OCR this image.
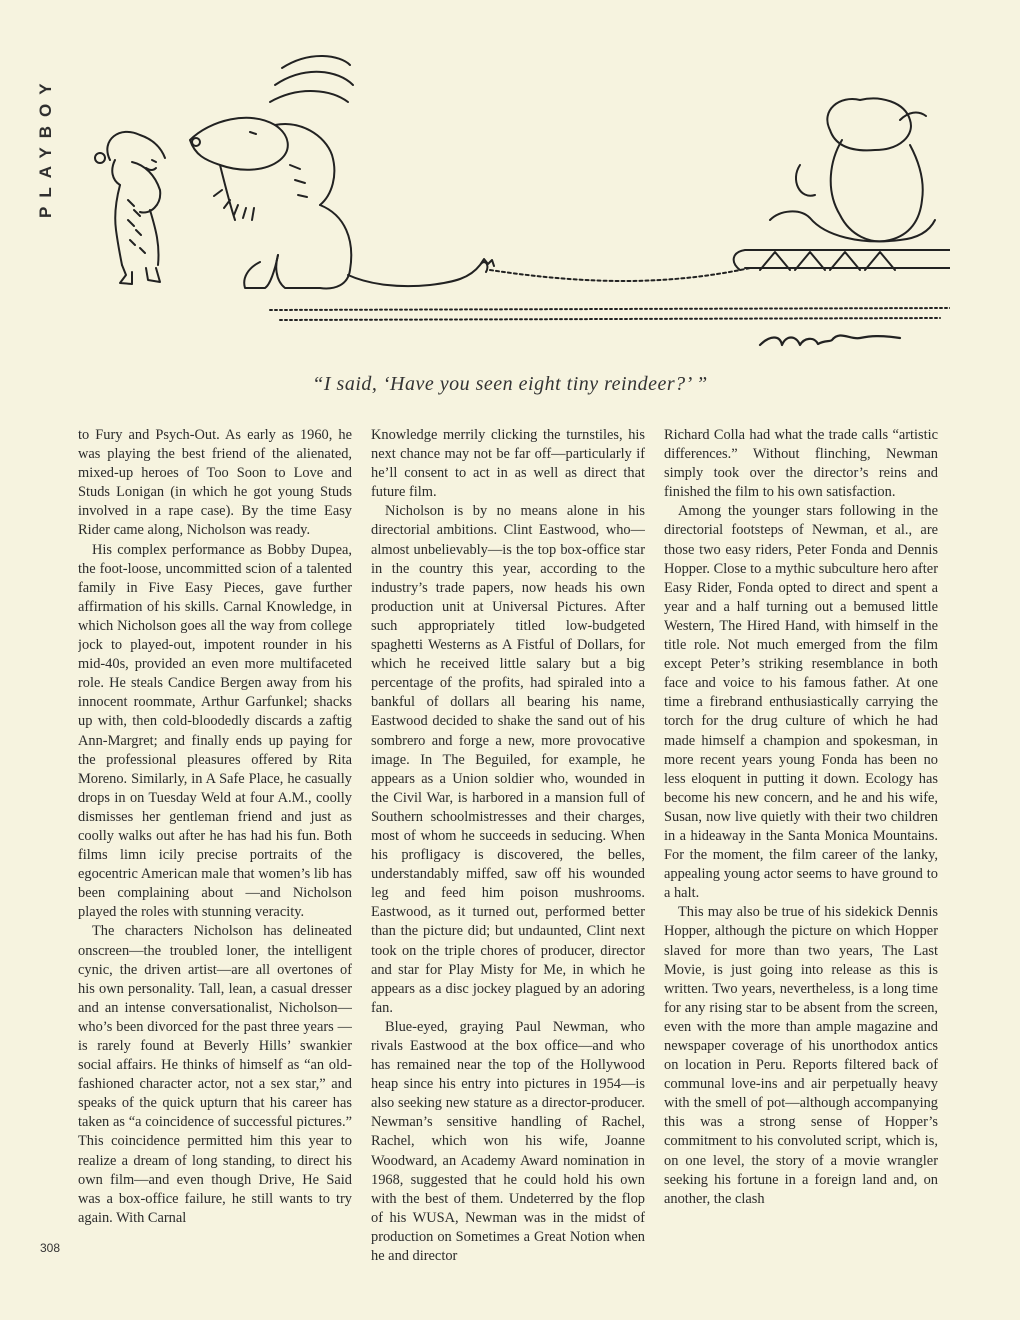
PLAYBOY
“I said, ‘Have you seen eight tiny reindeer?’ ”

to Fury and Psych-Out. As early as 1960, he was playing the best friend of the alienated, mixed-up heroes of Too Soon to Love and Studs Lonigan (in which he got young Studs involved in a rape case). By the time Easy Rider came along, Nicholson was ready.

His complex performance as Bobby Dupea, the foot-loose, uncommitted scion of a talented family in Five Easy Pieces, gave further affirmation of his skills. Carnal Knowledge, in which Nicholson goes all the way from college jock to played-out, impotent rounder in his mid-40s, provided an even more multifaceted role. He steals Candice Bergen away from his innocent roommate, Arthur Garfunkel; shacks up with, then cold-bloodedly discards a zaftig Ann-Margret; and finally ends up paying for the professional pleasures offered by Rita Moreno. Similarly, in A Safe Place, he casually drops in on Tuesday Weld at four A.M., coolly dismisses her gentleman friend and just as coolly walks out after he has had his fun. Both films limn icily precise portraits of the egocentric American male that women’s lib has been complaining about —and Nicholson played the roles with stunning veracity.

The characters Nicholson has delineated onscreen—the troubled loner, the intelligent cynic, the driven artist—are all overtones of his own personality. Tall, lean, a casual dresser and an intense conversationalist, Nicholson—who’s been divorced for the past three years —is rarely found at Beverly Hills’ swankier social affairs. He thinks of himself as “an old-fashioned character actor, not a sex star,” and speaks of the quick upturn that his career has taken as “a coincidence of successful pictures.” This coincidence permitted him this year to realize a dream of long standing, to direct his own film—and even though Drive, He Said was a box-office failure, he still wants to try again. With Carnal

Knowledge merrily clicking the turnstiles, his next chance may not be far off—particularly if he’ll consent to act in as well as direct that future film.

Nicholson is by no means alone in his directorial ambitions. Clint Eastwood, who—almost unbelievably—is the top box-office star in the country this year, according to the industry’s trade papers, now heads his own production unit at Universal Pictures. After such appropriately titled low-budgeted spaghetti Westerns as A Fistful of Dollars, for which he received little salary but a big percentage of the profits, had spiraled into a bankful of dollars all bearing his name, Eastwood decided to shake the sand out of his sombrero and forge a new, more provocative image. In The Beguiled, for example, he appears as a Union soldier who, wounded in the Civil War, is harbored in a mansion full of Southern schoolmistresses and their charges, most of whom he succeeds in seducing. When his profligacy is discovered, the belles, understandably miffed, saw off his wounded leg and feed him poison mushrooms. Eastwood, as it turned out, performed better than the picture did; but undaunted, Clint next took on the triple chores of producer, director and star for Play Misty for Me, in which he appears as a disc jockey plagued by an adoring fan.

Blue-eyed, graying Paul Newman, who rivals Eastwood at the box office—and who has remained near the top of the Hollywood heap since his entry into pictures in 1954—is also seeking new stature as a director-producer. Newman’s sensitive handling of Rachel, Rachel, which won his wife, Joanne Woodward, an Academy Award nomination in 1968, suggested that he could hold his own with the best of them. Undeterred by the flop of his WUSA, Newman was in the midst of production on Sometimes a Great Notion when he and director

Richard Colla had what the trade calls “artistic differences.” Without flinching, Newman simply took over the director’s reins and finished the film to his own satisfaction.

Among the younger stars following in the directorial footsteps of Newman, et al., are those two easy riders, Peter Fonda and Dennis Hopper. Close to a mythic subculture hero after Easy Rider, Fonda opted to direct and spent a year and a half turning out a bemused little Western, The Hired Hand, with himself in the title role. Not much emerged from the film except Peter’s striking resemblance in both face and voice to his famous father. At one time a firebrand enthusiastically carrying the torch for the drug culture of which he had made himself a champion and spokesman, in more recent years young Fonda has been no less eloquent in putting it down. Ecology has become his new concern, and he and his wife, Susan, now live quietly with their two children in a hideaway in the Santa Monica Mountains. For the moment, the film career of the lanky, appealing young actor seems to have ground to a halt.

This may also be true of his sidekick Dennis Hopper, although the picture on which Hopper slaved for more than two years, The Last Movie, is just going into release as this is written. Two years, nevertheless, is a long time for any rising star to be absent from the screen, even with the more than ample magazine and newspaper coverage of his unorthodox antics on location in Peru. Reports filtered back of communal love-ins and air perpetually heavy with the smell of pot—although accompanying this was a strong sense of Hopper’s commitment to his convoluted script, which is, on one level, the story of a movie wrangler seeking his fortune in a foreign land and, on another, the clash

308
